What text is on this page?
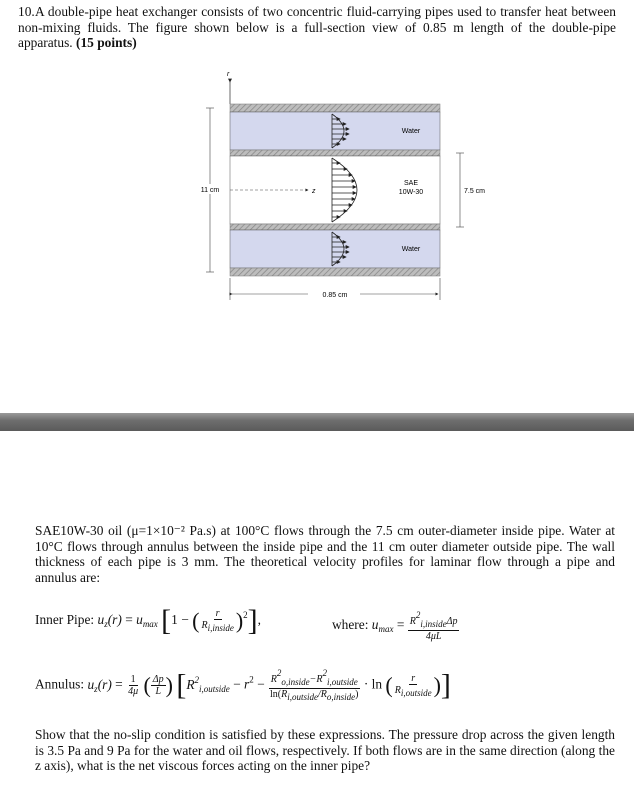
10.A double-pipe heat exchanger consists of two concentric fluid-carrying pipes used to transfer heat between non-mixing fluids. The figure shown below is a full-section view of 0.85 m length of the double-pipe apparatus. (15 points)
r
z
Water
SAE
10W-30
Water
11 cm	7.5 cm
0.85 cm
SAE10W-30 oil (μ=1×10⁻² Pa.s) at 100°C flows through the 7.5 cm outer-diameter inside pipe. Water at 10°C flows through annulus between the inside pipe and the 11 cm outer diameter outside pipe. The wall thickness of each pipe is 3 mm. The theoretical velocity profiles for laminar flow through a pipe and annulus are:
Inner Pipe: $u_z(r) = u_{max}$ [1 − ( $\frac{r}{\text{Ri,inside}} )^2$],	where: $u_{max} = \frac{\text{R2i,insideΔp}}{4\mu L}$
Annulus: $u_z(r) = \frac{1}{4\mu}$ ( $\frac{\Delta p}{L}$ ) [$R^2_{i,outside} - r^2 - \frac{\text{R2o,inside−R2i,outside}}{\text{ln(Ri,outside/Ro,inside)}} \cdot \ln$ ( $\frac{r}{\text{Ri,outside}}$ )]
Show that the no-slip condition is satisfied by these expressions. The pressure drop across the given length is 3.5 Pa and 9 Pa for the water and oil flows, respectively. If both flows are in the same direction (along the z axis), what is the net viscous forces acting on the inner pipe?
